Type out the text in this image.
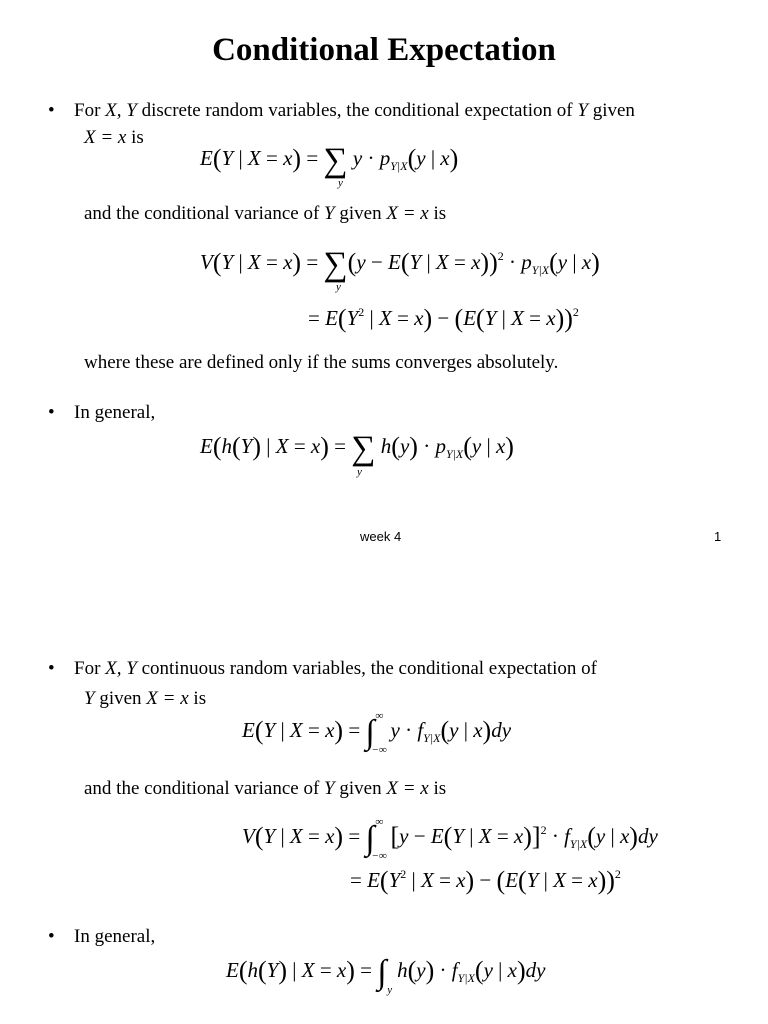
Conditional Expectation
• For X, Y discrete random variables, the conditional expectation of Y given
X = x is
E(Y | X = x) = ∑ $y \cdot p_{Y|X}(y$ | x)
y
and the conditional variance of Y given X = x is
V(Y | X = x) = ∑(y − E(Y | $X = x))^2 \cdot p_{Y|X}(y$ | x)
y
= $E(Y^2$ | X = x) − (E(Y | X = x))$^2$
where these are defined only if the sums converges absolutely.
• In general,
E(h(Y) | X = x) = ∑ $h(y) \cdot p_{Y|X}(y$ | x)
y
week 4	1
• For X, Y continuous random variables, the conditional expectation of
Y given X = x is
E(Y | X = x) = ∫ ∞
−∞
$y \cdot f_{Y|X}(y$ | x)dy
and the conditional variance of Y given X = x is
V(Y | X = x) = ∫ ∞
−∞
[y − E(Y | $X = x)]^2 \cdot f_{Y|X}(y$ | x)dy
= $E(Y^2$ | X = x) − (E(Y | X = x))$^2$
• In general,
E(h(Y) | X = x) = ∫ y
$h(y) \cdot f_{Y|X}(y$ | x)dy
